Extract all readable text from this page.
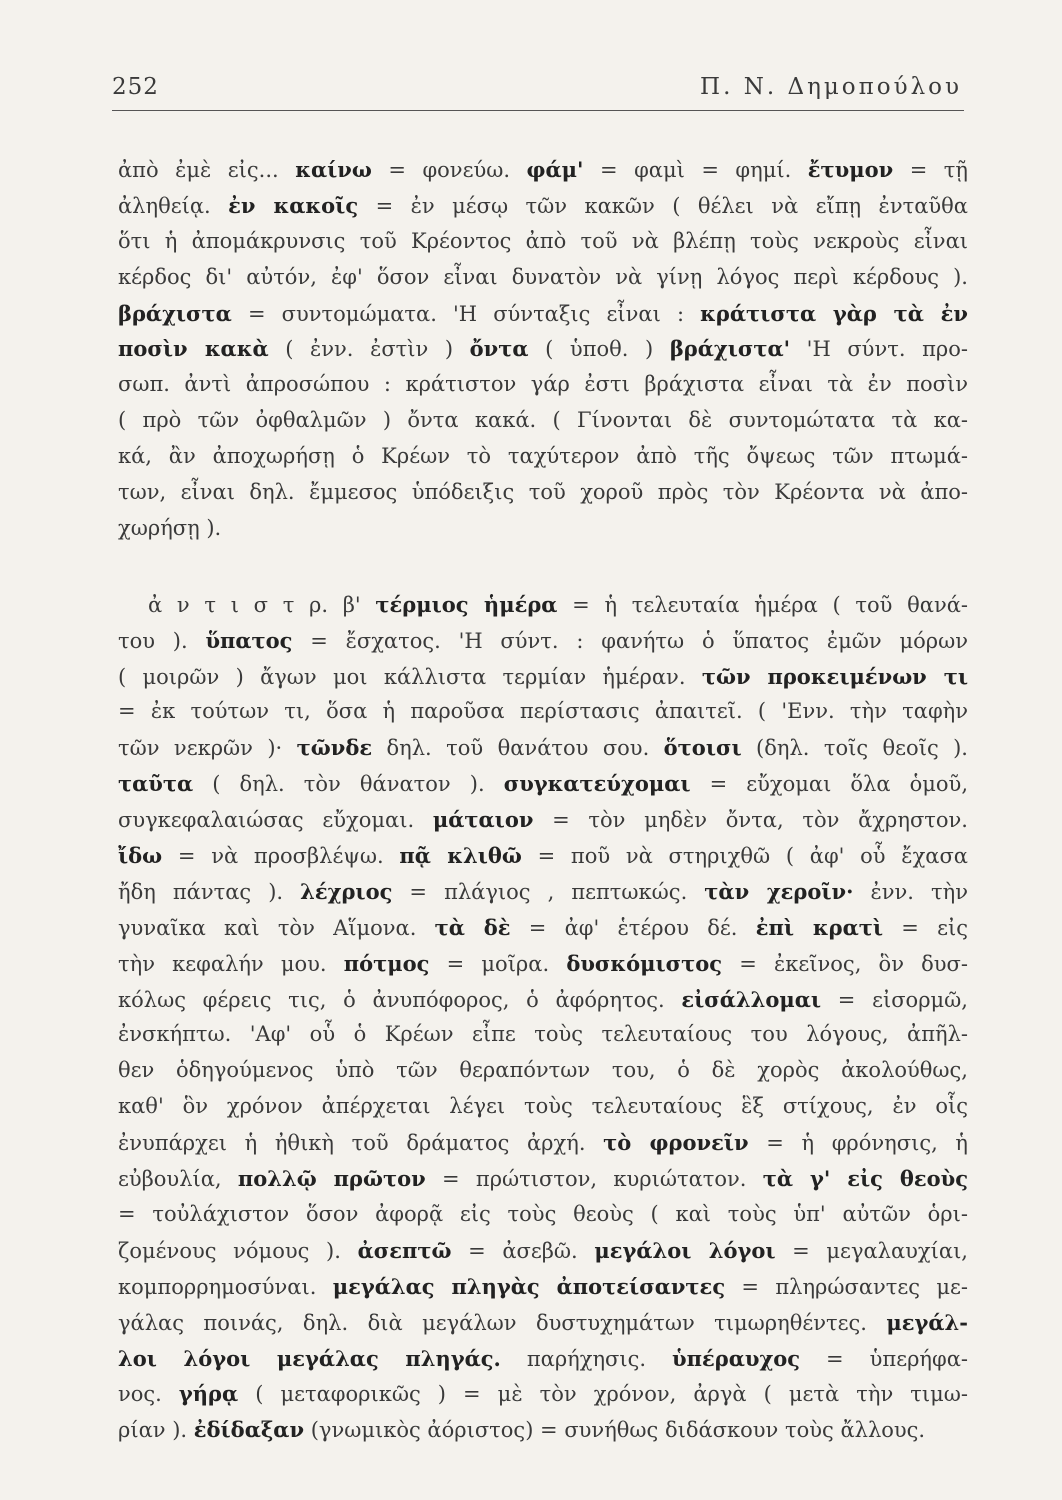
252	Π. Ν. Δημοπούλου
ἀπὸ ἐμὲ εἰς... καίνω = φονεύω. φάμ' = φαμὶ = φημί. ἔτυμον = τῇ
ἀληθείᾳ. ἐν κακοῖς = ἐν μέσῳ τῶν κακῶν ( θέλει νὰ εἴπῃ ἐνταῦθα
ὅτι ἡ ἀπομάκρυνσις τοῦ Κρέοντος ἀπὸ τοῦ νὰ βλέπῃ τοὺς νεκροὺς εἶναι
κέρδος δι' αὐτόν, ἐφ' ὅσον εἶναι δυνατὸν νὰ γίνῃ λόγος περὶ κέρδους ).
βράχιστα = συντομώματα. 'Η σύνταξις εἶναι : κράτιστα γὰρ τὰ ἐν
ποσὶν κακὰ ( ἐνν. ἐστὶν ) ὄντα ( ὑποθ. ) βράχιστα' 'Η σύντ. προ-
σωπ. ἀντὶ ἀπροσώπου : κράτιστον γάρ ἐστι βράχιστα εἶναι τὰ ἐν ποσὶν
( πρὸ τῶν ὀφθαλμῶν ) ὄντα κακά. ( Γίνονται δὲ συντομώτατα τὰ κα-
κά, ἂν ἀποχωρήσῃ ὁ Κρέων τὸ ταχύτερον ἀπὸ τῆς ὄψεως τῶν πτωμά-
των, εἶναι δηλ. ἔμμεσος ὑπόδειξις τοῦ χοροῦ πρὸς τὸν Κρέοντα νὰ ἀπο-
χωρήσῃ ).
ἀ ν τ ι σ τ ρ. β' τέρμιος ἡμέρα = ἡ τελευταία ἡμέρα ( τοῦ θανά-
του ). ὕπατος = ἔσχατος. 'Η σύντ. : φανήτω ὁ ὕπατος ἐμῶν μόρων
( μοιρῶν ) ἄγων μοι κάλλιστα τερμίαν ἡμέραν. τῶν προκειμένων τι
= ἐκ τούτων τι, ὅσα ἡ παροῦσα περίστασις ἀπαιτεῖ. ( 'Ενν. τὴν ταφὴν
τῶν νεκρῶν )· τῶνδε δηλ. τοῦ θανάτου σου. ὅτοισι (δηλ. τοῖς θεοῖς ).
ταῦτα ( δηλ. τὸν θάνατον ). συγκατεύχομαι = εὔχομαι ὅλα ὁμοῦ,
συγκεφαλαιώσας εὔχομαι. μάταιον = τὸν μηδὲν ὄντα, τὸν ἄχρηστον.
ἴδω = νὰ προσβλέψω. πᾷ κλιθῶ = ποῦ νὰ στηριχθῶ ( ἀφ' οὗ ἔχασα
ἤδη πάντας ). λέχριος = πλάγιος , πεπτωκώς. τὰν χεροῖν· ἐνν. τὴν
γυναῖκα καὶ τὸν Αἵμονα. τὰ δὲ = ἀφ' ἑτέρου δέ. ἐπὶ κρατὶ = εἰς
τὴν κεφαλήν μου. πότμος = μοῖρα. δυσκόμιστος = ἐκεῖνος, ὃν δυσ-
κόλως φέρεις τις, ὁ ἀνυπόφορος, ὁ ἀφόρητος. εἰσάλλομαι = εἰσορμῶ,
ἐνσκήπτω. 'Αφ' οὗ ὁ Κρέων εἶπε τοὺς τελευταίους του λόγους, ἀπῆλ-
θεν ὁδηγούμενος ὑπὸ τῶν θεραπόντων του, ὁ δὲ χορὸς ἀκολούθως,
καθ' ὃν χρόνον ἀπέρχεται λέγει τοὺς τελευταίους ἓξ στίχους, ἐν οἷς
ἐνυπάρχει ἡ ἠθικὴ τοῦ δράματος ἀρχή. τὸ φρονεῖν = ἡ φρόνησις, ἡ
εὐβουλία, πολλῷ πρῶτον = πρώτιστον, κυριώτατον. τὰ γ' εἰς θεοὺς
= τοὐλάχιστον ὅσον ἀφορᾷ εἰς τοὺς θεοὺς ( καὶ τοὺς ὑπ' αὐτῶν ὁρι-
ζομένους νόμους ). ἀσεπτῶ = ἀσεβῶ. μεγάλοι λόγοι = μεγαλαυχίαι,
κομπορρημοσύναι. μεγάλας πληγὰς ἀποτείσαντες = πληρώσαντες με-
γάλας ποινάς, δηλ. διὰ μεγάλων δυστυχημάτων τιμωρηθέντες. μεγάλ-
λοι λόγοι μεγάλας πληγάς. παρήχησις. ὑπέραυχος = ὑπερήφα-
νος. γήρᾳ ( μεταφορικῶς ) = μὲ τὸν χρόνον, ἀργὰ ( μετὰ τὴν τιμω-
ρίαν ). ἐδίδαξαν (γνωμικὸς ἀόριστος) = συνήθως διδάσκουν τοὺς ἄλλους.
